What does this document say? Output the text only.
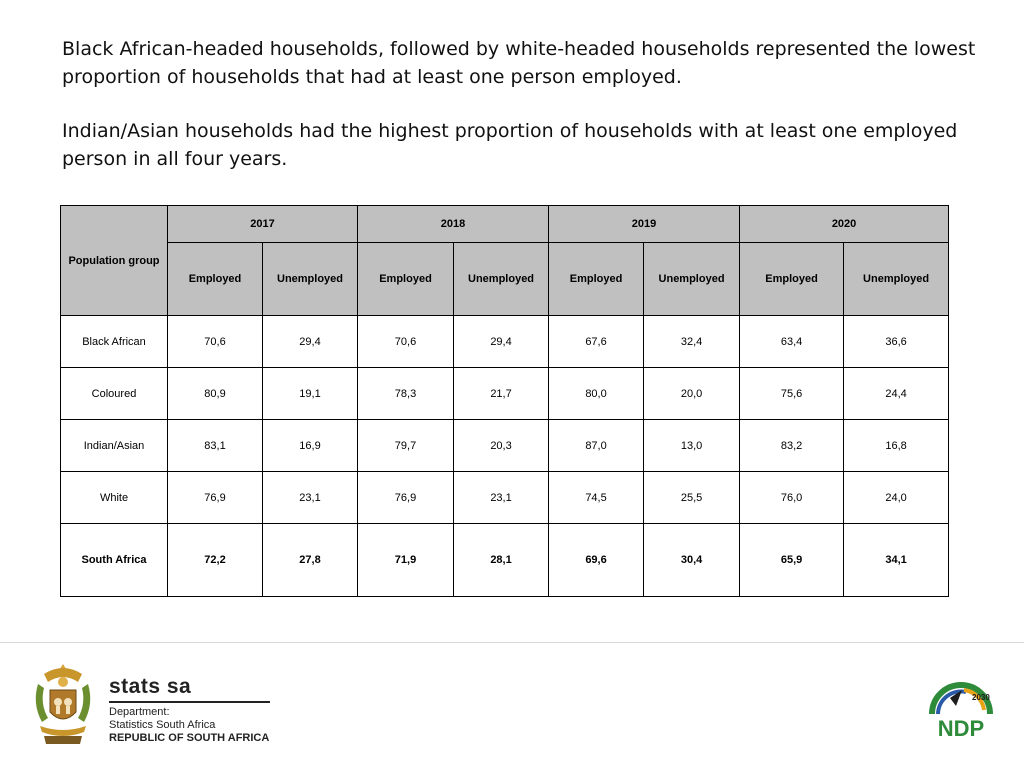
Black African-headed households, followed by white-headed households represented the lowest proportion of households that had at least one person employed.

Indian/Asian households had the highest proportion of households with at least one employed person in all four years.

Population group	2017		2018		2019		2020	
	Employed	Unemployed	Employed	Unemployed	Employed	Unemployed	Employed	Unemployed
Black African	70,6	29,4	70,6	29,4	67,6	32,4	63,4	36,6
Coloured	80,9	19,1	78,3	21,7	80,0	20,0	75,6	24,4
Indian/Asian	83,1	16,9	79,7	20,3	87,0	13,0	83,2	16,8
White	76,9	23,1	76,9	23,1	74,5	25,5	76,0	24,0
South Africa	72,2	27,8	71,9	28,1	69,6	30,4	65,9	34,1
stats sa
Department:
Statistics South Africa
REPUBLIC OF SOUTH AFRICA
2030
NDP
